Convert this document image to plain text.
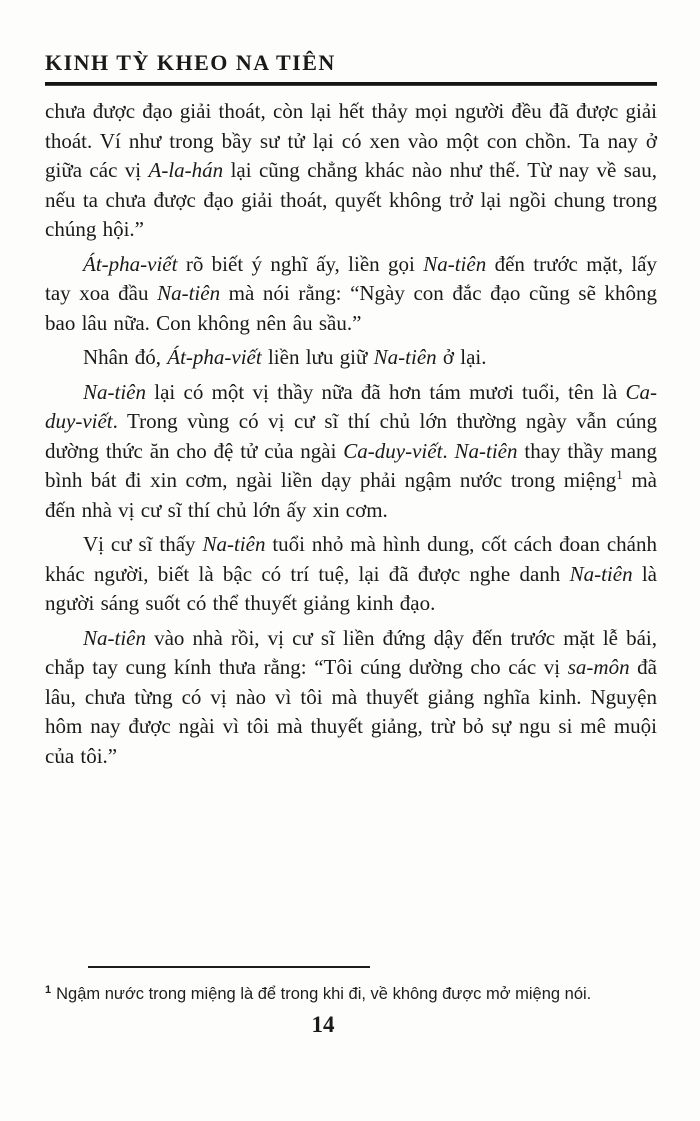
KINH TỲ KHEO NA TIÊN

chưa được đạo giải thoát, còn lại hết thảy mọi người đều đã được giải thoát. Ví như trong bầy sư tử lại có xen vào một con chồn. Ta nay ở giữa các vị A-la-hán lại cũng chẳng khác nào như thế. Từ nay về sau, nếu ta chưa được đạo giải thoát, quyết không trở lại ngồi chung trong chúng hội.”

Át-pha-viết rõ biết ý nghĩ ấy, liền gọi Na-tiên đến trước mặt, lấy tay xoa đầu Na-tiên mà nói rằng: “Ngày con đắc đạo cũng sẽ không bao lâu nữa. Con không nên âu sầu.”

Nhân đó, Át-pha-viết liền lưu giữ Na-tiên ở lại.

Na-tiên lại có một vị thầy nữa đã hơn tám mươi tuổi, tên là Ca-duy-viết. Trong vùng có vị cư sĩ thí chủ lớn thường ngày vẫn cúng dường thức ăn cho đệ tử của ngài Ca-duy-viết. Na-tiên thay thầy mang bình bát đi xin cơm, ngài liền dạy phải ngậm nước trong miệng$^1$ mà đến nhà vị cư sĩ thí chủ lớn ấy xin cơm.

Vị cư sĩ thấy Na-tiên tuổi nhỏ mà hình dung, cốt cách đoan chánh khác người, biết là bậc có trí tuệ, lại đã được nghe danh Na-tiên là người sáng suốt có thể thuyết giảng kinh đạo.

Na-tiên vào nhà rồi, vị cư sĩ liền đứng dậy đến trước mặt lễ bái, chắp tay cung kính thưa rằng: “Tôi cúng dường cho các vị sa-môn đã lâu, chưa từng có vị nào vì tôi mà thuyết giảng nghĩa kinh. Nguyện hôm nay được ngài vì tôi mà thuyết giảng, trừ bỏ sự ngu si mê muội của tôi.”

$^1$ Ngậm nước trong miệng là để trong khi đi, về không được mở miệng nói.

14
